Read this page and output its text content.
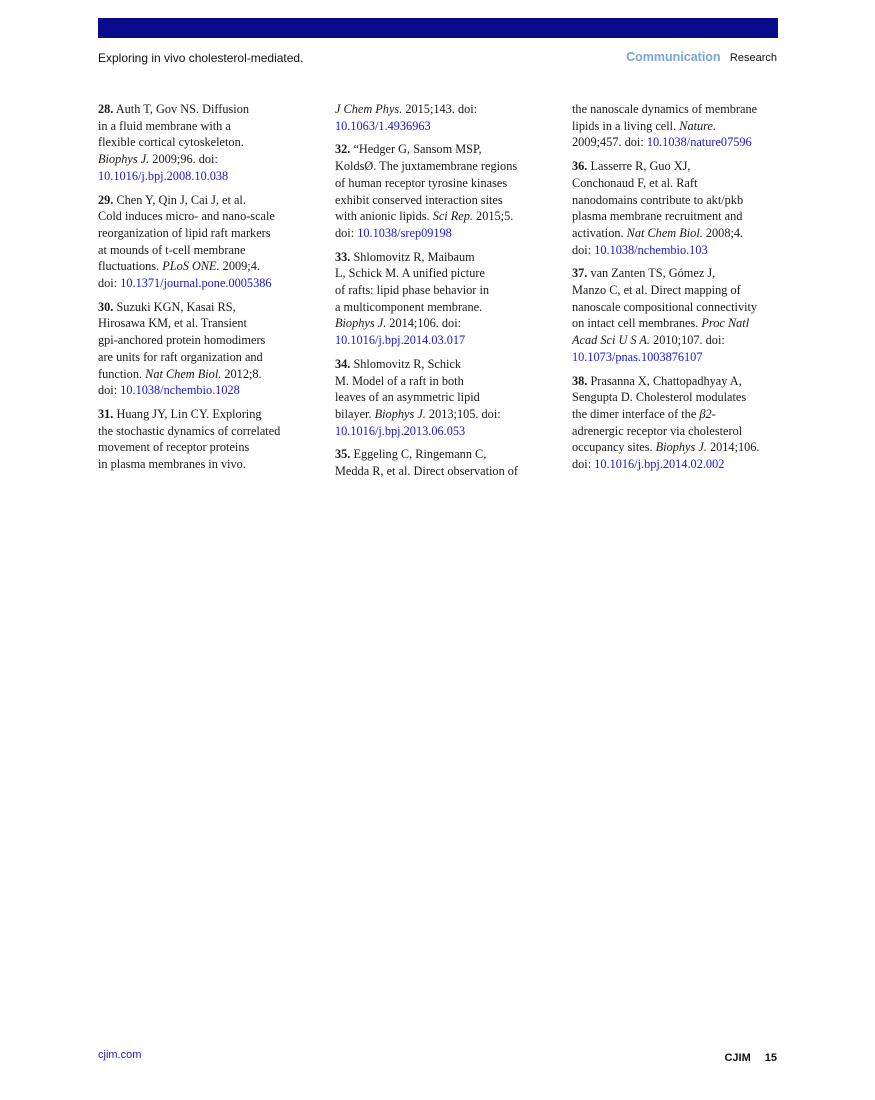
Exploring in vivo cholesterol-mediated.	Communication Research
28. Auth T, Gov NS. Diffusion
in a fluid membrane with a
flexible cortical cytoskeleton.
Biophys J. 2009;96. doi:
10.1016/j.bpj.2008.10.038
29. Chen Y, Qin J, Cai J, et al.
Cold induces micro- and nano-scale
reorganization of lipid raft markers
at mounds of t-cell membrane
fluctuations. PLoS ONE. 2009;4.
doi: 10.1371/journal.pone.0005386
30. Suzuki KGN, Kasai RS,
Hirosawa KM, et al. Transient
gpi-anchored protein homodimers
are units for raft organization and
function. Nat Chem Biol. 2012;8.
doi: 10.1038/nchembio.1028
31. Huang JY, Lin CY. Exploring
the stochastic dynamics of correlated
movement of receptor proteins
in plasma membranes in vivo.
J Chem Phys. 2015;143. doi:
10.1063/1.4936963
32. “Hedger G, Sansom MSP,
KoldsØ. The juxtamembrane regions
of human receptor tyrosine kinases
exhibit conserved interaction sites
with anionic lipids. Sci Rep. 2015;5.
doi: 10.1038/srep09198
33. Shlomovitz R, Maibaum
L, Schick M. A unified picture
of rafts: lipid phase behavior in
a multicomponent membrane.
Biophys J. 2014;106. doi:
10.1016/j.bpj.2014.03.017
34. Shlomovitz R, Schick
M. Model of a raft in both
leaves of an asymmetric lipid
bilayer. Biophys J. 2013;105. doi:
10.1016/j.bpj.2013.06.053
35. Eggeling C, Ringemann C,
Medda R, et al. Direct observation of
the nanoscale dynamics of membrane
lipids in a living cell. Nature.
2009;457. doi: 10.1038/nature07596
36. Lasserre R, Guo XJ,
Conchonaud F, et al. Raft
nanodomains contribute to akt/pkb
plasma membrane recruitment and
activation. Nat Chem Biol. 2008;4.
doi: 10.1038/nchembio.103
37. van Zanten TS, Gómez J,
Manzo C, et al. Direct mapping of
nanoscale compositional connectivity
on intact cell membranes. Proc Natl
Acad Sci U S A. 2010;107. doi:
10.1073/pnas.1003876107
38. Prasanna X, Chattopadhyay A,
Sengupta D. Cholesterol modulates
the dimer interface of the β2-
adrenergic receptor via cholesterol
occupancy sites. Biophys J. 2014;106.
doi: 10.1016/j.bpj.2014.02.002
cjim.com	CJIM 15
